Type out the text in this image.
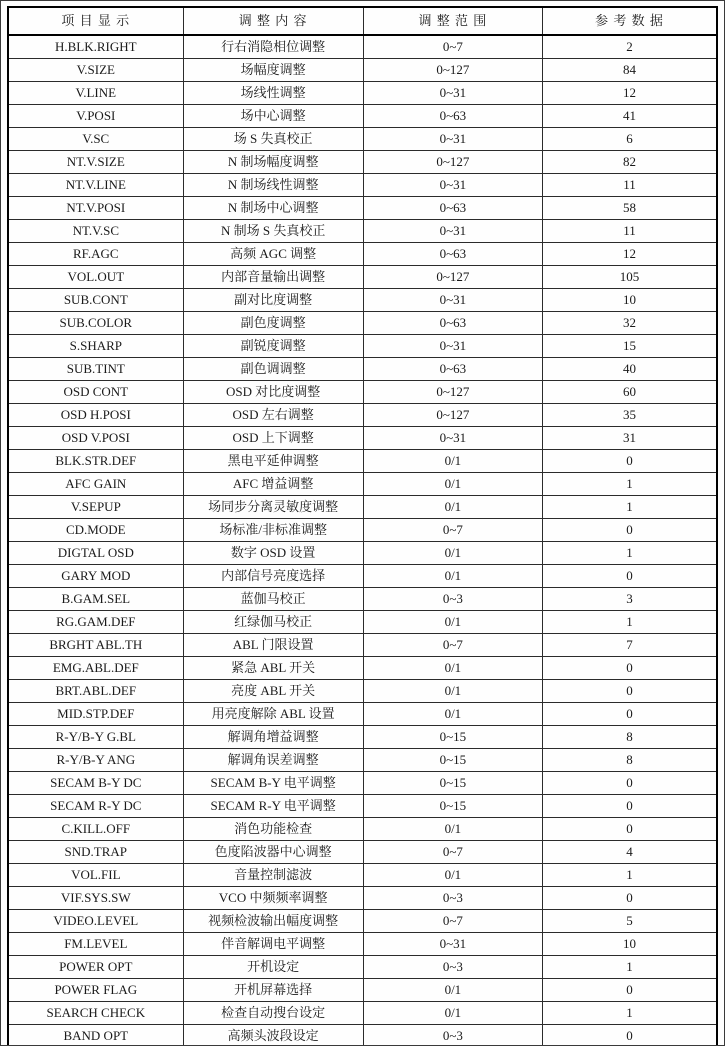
项 目 显 示	调 整 内 容	调 整 范 围	参 考 数 据
H.BLK.RIGHT	行右消隐相位调整	0~7	2
V.SIZE	场幅度调整	0~127	84
V.LINE	场线性调整	0~31	12
V.POSI	场中心调整	0~63	41
V.SC	场 S 失真校正	0~31	6
NT.V.SIZE	N 制场幅度调整	0~127	82
NT.V.LINE	N 制场线性调整	0~31	11
NT.V.POSI	N 制场中心调整	0~63	58
NT.V.SC	N 制场 S 失真校正	0~31	11
RF.AGC	高频 AGC 调整	0~63	12
VOL.OUT	内部音量输出调整	0~127	105
SUB.CONT	副对比度调整	0~31	10
SUB.COLOR	副色度调整	0~63	32
S.SHARP	副锐度调整	0~31	15
SUB.TINT	副色调调整	0~63	40
OSD CONT	OSD 对比度调整	0~127	60
OSD H.POSI	OSD 左右调整	0~127	35
OSD V.POSI	OSD 上下调整	0~31	31
BLK.STR.DEF	黑电平延伸调整	0/1	0
AFC GAIN	AFC 增益调整	0/1	1
V.SEPUP	场同步分离灵敏度调整	0/1	1
CD.MODE	场标准/非标准调整	0~7	0
DIGTAL OSD	数字 OSD 设置	0/1	1
GARY MOD	内部信号亮度选择	0/1	0
B.GAM.SEL	蓝伽马校正	0~3	3
RG.GAM.DEF	红绿伽马校正	0/1	1
BRGHT ABL.TH	ABL 门限设置	0~7	7
EMG.ABL.DEF	紧急 ABL 开关	0/1	0
BRT.ABL.DEF	亮度 ABL 开关	0/1	0
MID.STP.DEF	用亮度解除 ABL 设置	0/1	0
R-Y/B-Y G.BL	解调角增益调整	0~15	8
R-Y/B-Y ANG	解调角误差调整	0~15	8
SECAM B-Y DC	SECAM B-Y 电平调整	0~15	0
SECAM R-Y DC	SECAM R-Y 电平调整	0~15	0
C.KILL.OFF	消色功能检查	0/1	0
SND.TRAP	色度陷波器中心调整	0~7	4
VOL.FIL	音量控制滤波	0/1	1
VIF.SYS.SW	VCO 中频频率调整	0~3	0
VIDEO.LEVEL	视频检波输出幅度调整	0~7	5
FM.LEVEL	伴音解调电平调整	0~31	10
POWER OPT	开机设定	0~3	1
POWER FLAG	开机屏幕选择	0/1	0
SEARCH CHECK	检查自动搜台设定	0/1	1
BAND OPT	高频头波段设定	0~3	0
